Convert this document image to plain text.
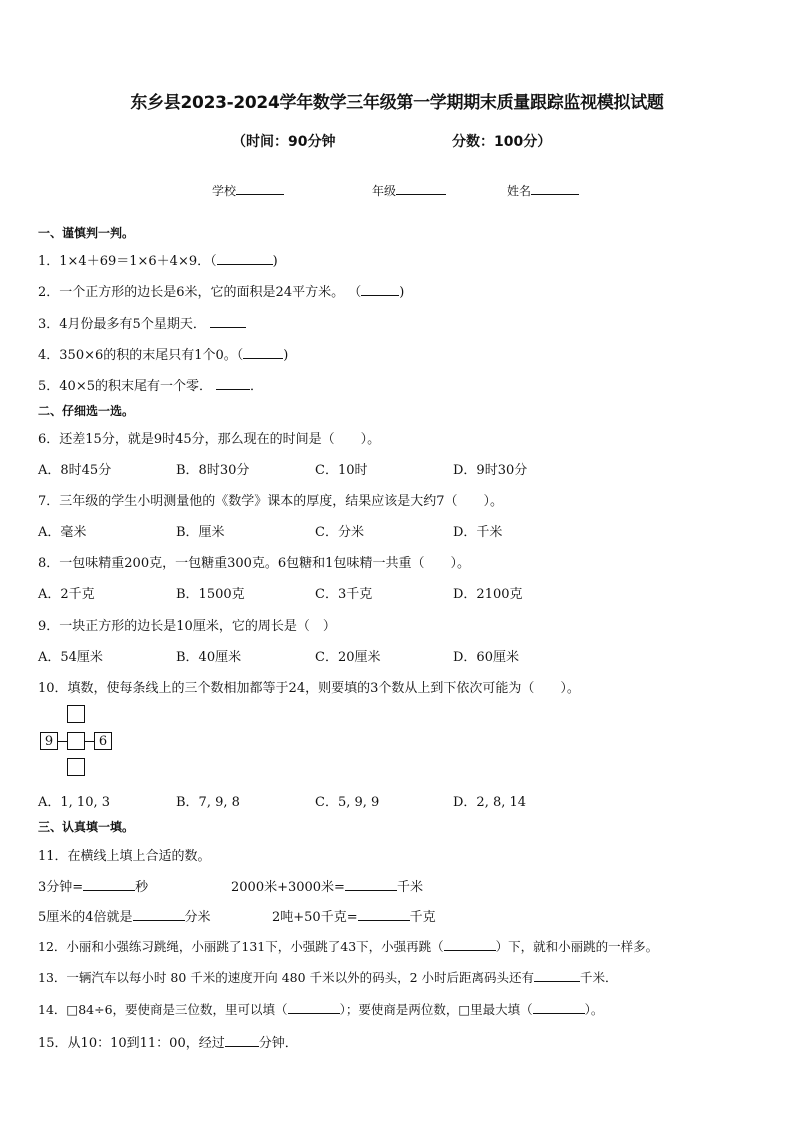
东乡县2023-2024学年数学三年级第一学期期末质量跟踪监视模拟试题
（时间：90分钟	分数：100分）
学校	年级	姓名
一、谨慎判一判。
1．1×4＋69＝1×6＋4×9．（	)
2．一个正方形的边长是6米，它的面积是24平方米。 （	)
3．4月份最多有5个星期天．
4．350×6的积的末尾只有1个0。（	)
5．40×5的积末尾有一个零．	．
二、仔细选一选。
6．还差15分，就是9时45分，那么现在的时间是（　　）。
A．8时45分	B．8时30分	C．10时	D．9时30分
7．三年级的学生小明测量他的《数学》课本的厚度，结果应该是大约7（　　）。
A．毫米	B．厘米	C．分米	D．千米
8．一包味精重200克，一包糖重300克。6包糖和1包味精一共重（　　）。
A．2千克	B．1500克	C．3千克	D．2100克
9．一块正方形的边长是10厘米，它的周长是（　）
A．54厘米	B．40厘米	C．20厘米	D．60厘米
10．填数，使每条线上的三个数相加都等于24，则要填的3个数从上到下依次可能为（　　）。
9	6
A．1, 10, 3	B．7, 9, 8	C．5, 9, 9	D．2, 8, 14
三、认真填一填。
11．在横线上填上合适的数。
3分钟=	秒	2000米+3000米=	千米
5厘米的4倍就是	分米	2吨+50千克=	千克
12．小丽和小强练习跳绳，小丽跳了131下，小强跳了43下，小强再跳（	）下，就和小丽跳的一样多。
13．一辆汽车以每小时 80 千米的速度开向 480 千米以外的码头，2 小时后距离码头还有	千米．
14．□84÷6，要使商是三位数，里可以填（	）；要使商是两位数，□里最大填（	）。
15．从10：10到11：00，经过	分钟．
